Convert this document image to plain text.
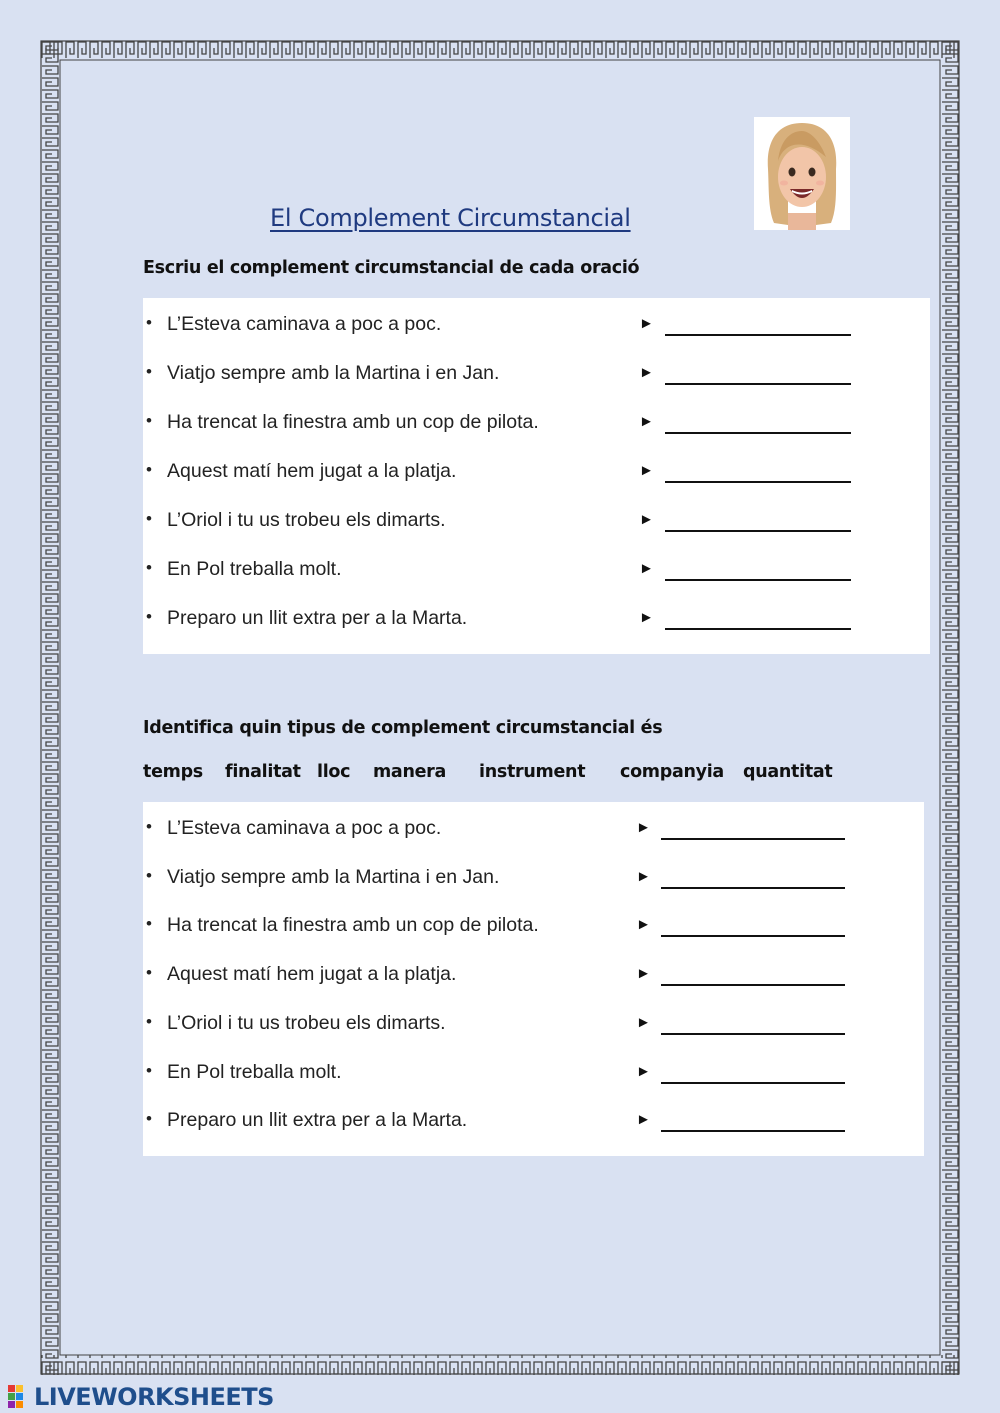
El Complement Circumstancial
Escriu el complement circumstancial de cada oració
• L’Esteva caminava a poc a poc.	►
• Viatjo sempre amb la Martina i en Jan.	►
• Ha trencat la finestra amb un cop de pilota.	►
• Aquest matí hem jugat a la platja.	►
• L’Oriol i tu us trobeu els dimarts.	►
• En Pol treballa molt.	►
• Preparo un llit extra per a la Marta.	►
Identifica quin tipus de complement circumstancial és
temps finalitat lloc manera instrument companyia quantitat
• L’Esteva caminava a poc a poc.	►
• Viatjo sempre amb la Martina i en Jan.	►
• Ha trencat la finestra amb un cop de pilota.	►
• Aquest matí hem jugat a la platja.	►
• L’Oriol i tu us trobeu els dimarts.	►
• En Pol treballa molt.	►
• Preparo un llit extra per a la Marta.	►
LIVEWORKSHEETS
